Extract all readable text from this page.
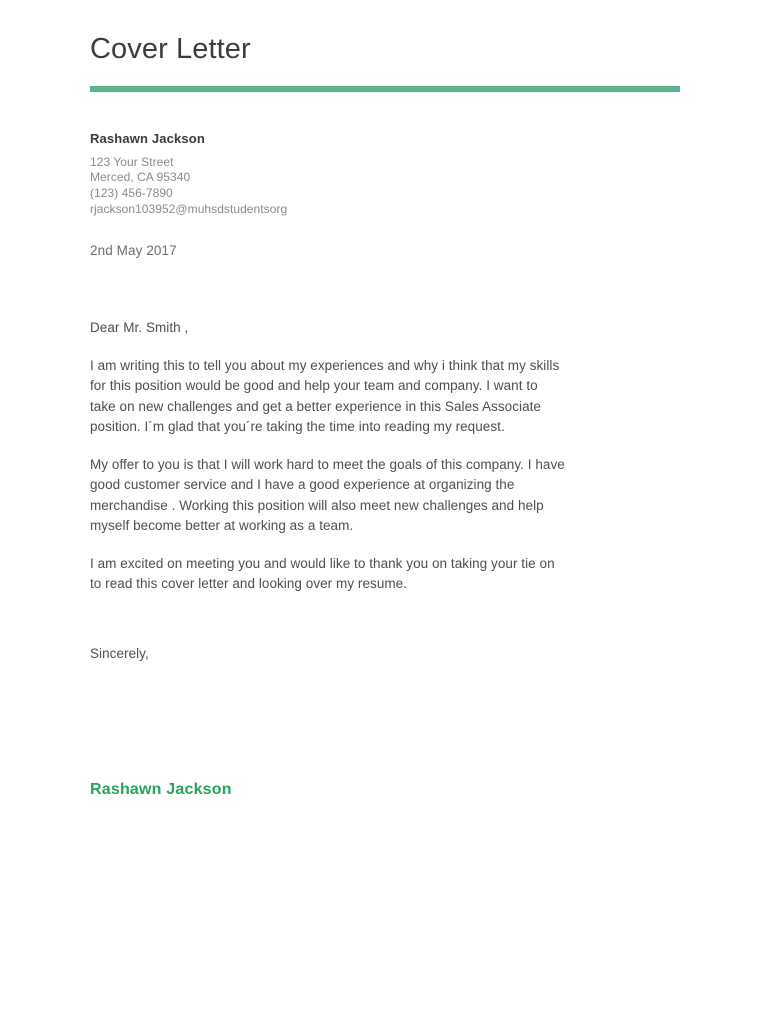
Cover Letter
Rashawn Jackson
123 Your Street
Merced, CA 95340
(123) 456-7890
rjackson103952@muhsdstudentsorg
2nd May 2017

Dear Mr. Smith ,

I am writing this to tell you about my experiences and why i think that my skills for this position would be good and help your team and company. I want to take on new challenges and get a better experience in this Sales Associate position. I´m glad that you´re taking the time into reading my request.

My offer to you is that I will work hard to meet the goals of this company. I have good customer service and I have a good experience at organizing the merchandise . Working this position will also meet new challenges and help myself become better at working as a team.

I am excited on meeting you and would like to thank you on taking your tie on to read this cover letter and looking over my resume.

Sincerely,

Rashawn Jackson
